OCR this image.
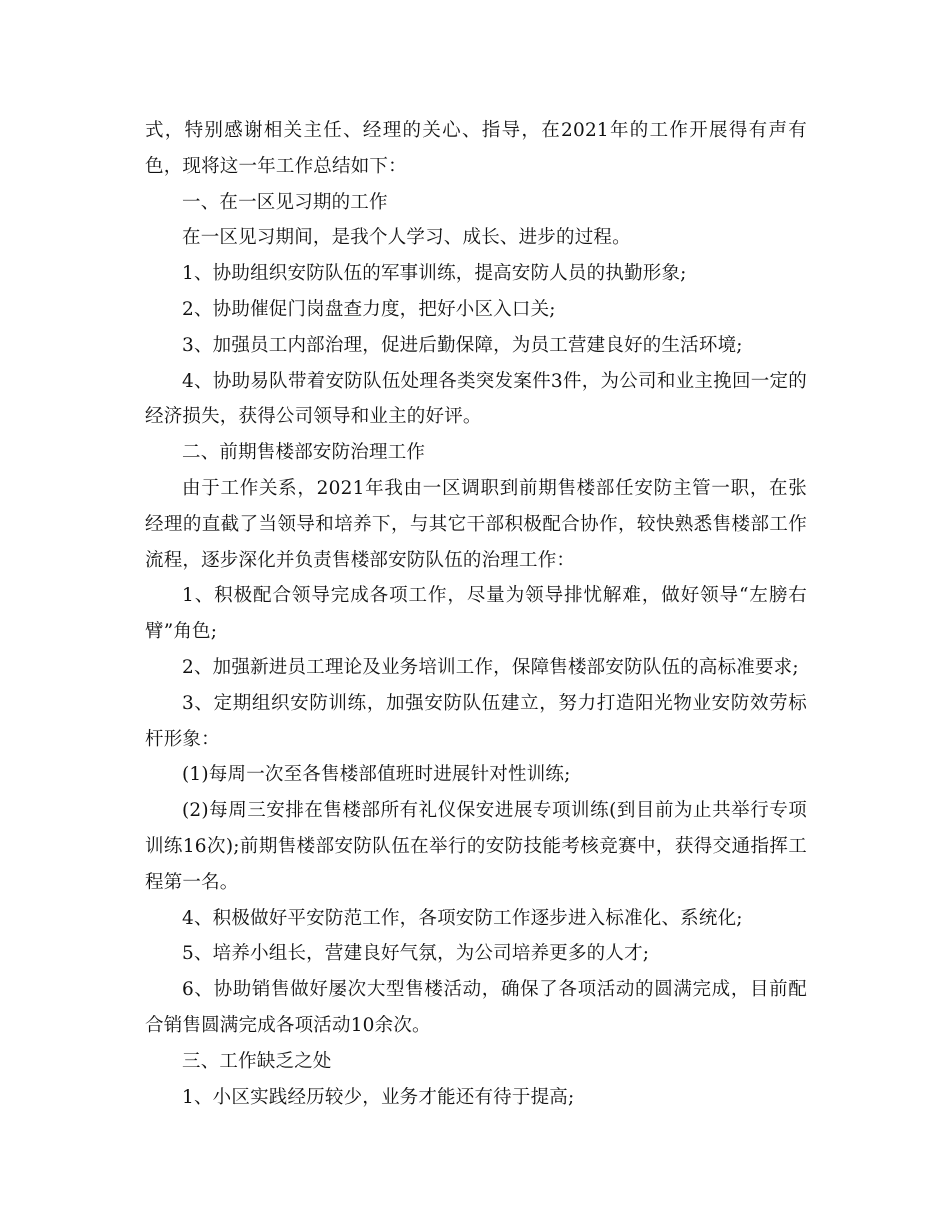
式，特别感谢相关主任、经理的关心、指导，在2021年的工作开展得有声有色，现将这一年工作总结如下：

一、在一区见习期的工作

在一区见习期间，是我个人学习、成长、进步的过程。

1、协助组织安防队伍的军事训练，提高安防人员的执勤形象;

2、协助催促门岗盘查力度，把好小区入口关;

3、加强员工内部治理，促进后勤保障，为员工营建良好的生活环境;

4、协助易队带着安防队伍处理各类突发案件3件，为公司和业主挽回一定的经济损失，获得公司领导和业主的好评。

二、前期售楼部安防治理工作

由于工作关系，2021年我由一区调职到前期售楼部任安防主管一职，在张经理的直截了当领导和培养下，与其它干部积极配合协作，较快熟悉售楼部工作流程，逐步深化并负责售楼部安防队伍的治理工作：

1、积极配合领导完成各项工作，尽量为领导排忧解难，做好领导“左膀右臂”角色;

2、加强新进员工理论及业务培训工作，保障售楼部安防队伍的高标准要求;

3、定期组织安防训练，加强安防队伍建立，努力打造阳光物业安防效劳标杆形象：

(1)每周一次至各售楼部值班时进展针对性训练;

(2)每周三安排在售楼部所有礼仪保安进展专项训练(到目前为止共举行专项训练16次);前期售楼部安防队伍在举行的安防技能考核竞赛中，获得交通指挥工程第一名。

4、积极做好平安防范工作，各项安防工作逐步进入标准化、系统化;

5、培养小组长，营建良好气氛，为公司培养更多的人才;

6、协助销售做好屡次大型售楼活动，确保了各项活动的圆满完成，目前配合销售圆满完成各项活动10余次。

三、工作缺乏之处

1、小区实践经历较少，业务才能还有待于提高;
